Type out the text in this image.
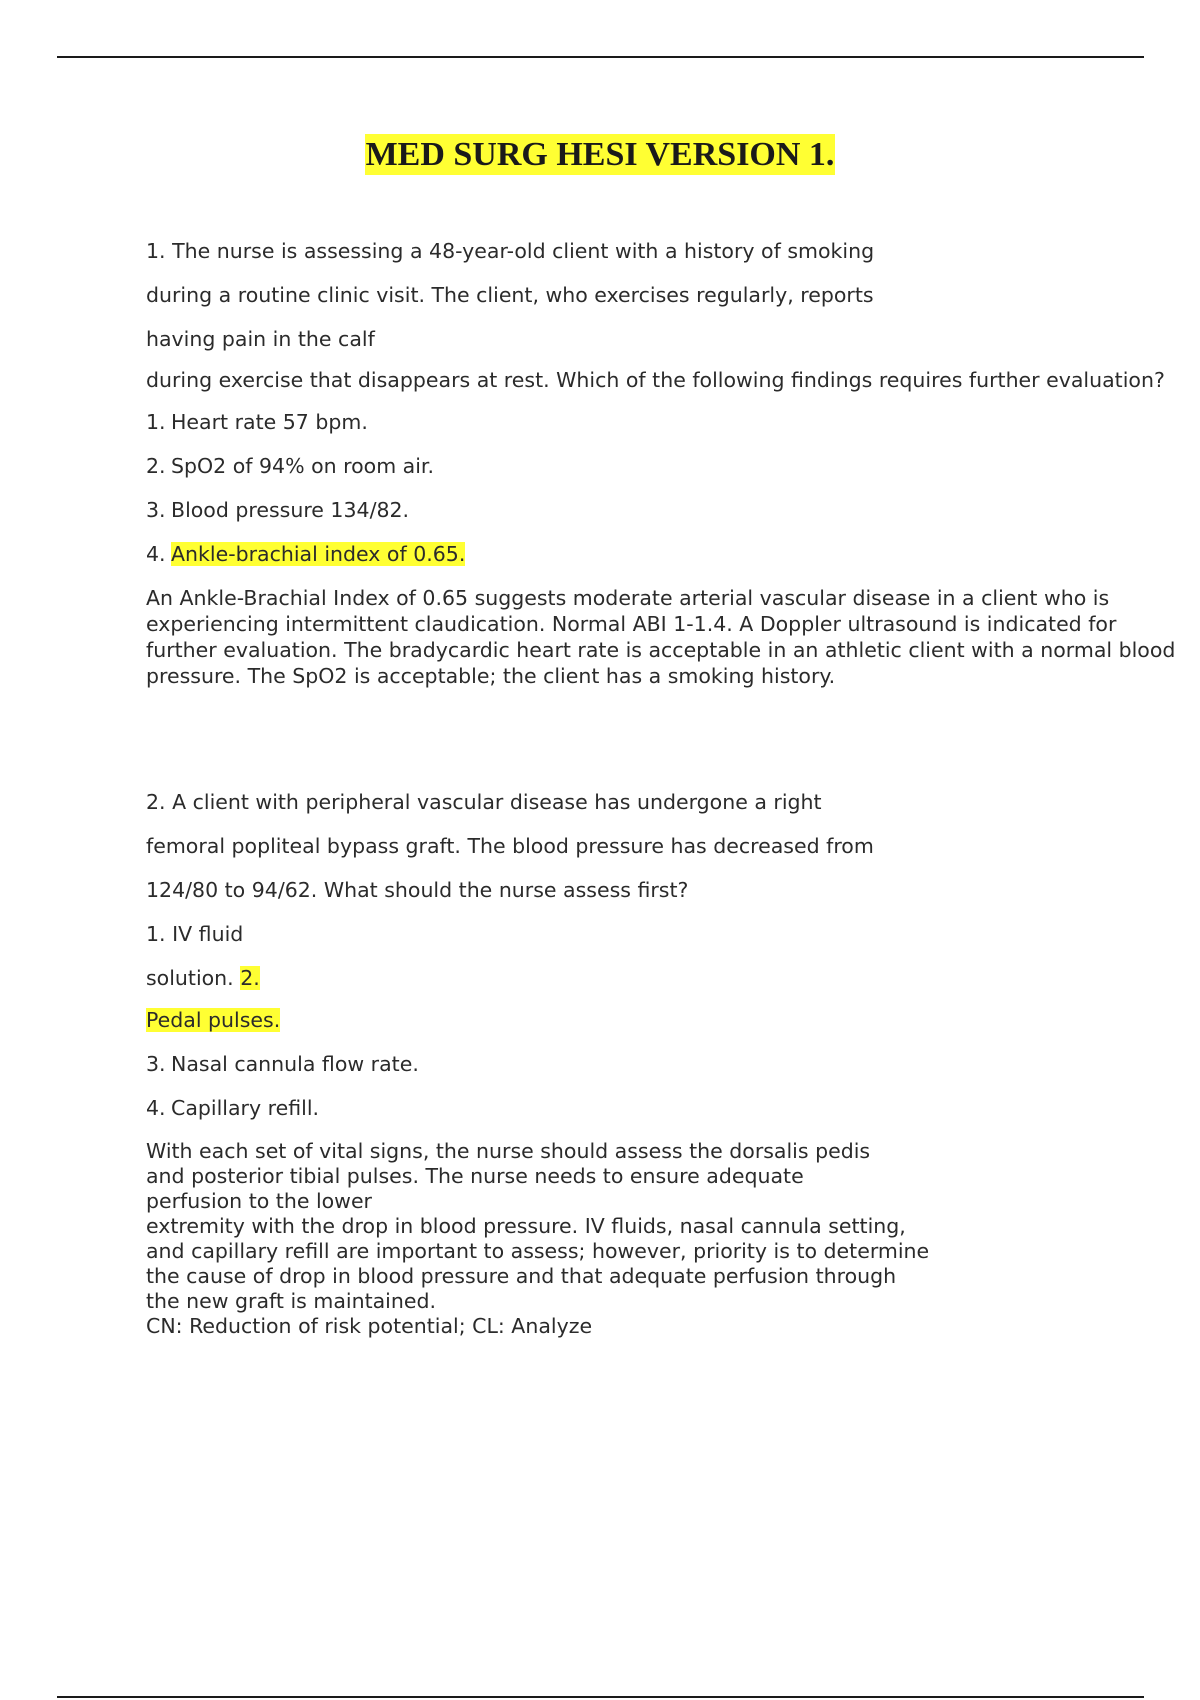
MED SURG HESI VERSION 1.
1. The nurse is assessing a 48-year-old client with a history of smoking
during a routine clinic visit. The client, who exercises regularly, reports
having pain in the calf
during exercise that disappears at rest. Which of the following findings requires further evaluation?
1. Heart rate 57 bpm.
2. SpO2 of 94% on room air.
3. Blood pressure 134/82.
4. Ankle-brachial index of 0.65.
An Ankle-Brachial Index of 0.65 suggests moderate arterial vascular disease in a client who is experiencing intermittent claudication. Normal ABI 1-1.4. A Doppler ultrasound is indicated for further evaluation. The bradycardic heart rate is acceptable in an athletic client with a normal blood pressure. The SpO2 is acceptable; the client has a smoking history.
2. A client with peripheral vascular disease has undergone a right
femoral popliteal bypass graft. The blood pressure has decreased from
124/80 to 94/62. What should the nurse assess first?
1. IV fluid
solution. 2.
Pedal pulses.
3. Nasal cannula flow rate.
4. Capillary refill.
With each set of vital signs, the nurse should assess the dorsalis pedis
and posterior tibial pulses. The nurse needs to ensure adequate
perfusion to the lower
extremity with the drop in blood pressure. IV fluids, nasal cannula setting,
and capillary refill are important to assess; however, priority is to determine
the cause of drop in blood pressure and that adequate perfusion through
the new graft is maintained.
CN: Reduction of risk potential; CL: Analyze
